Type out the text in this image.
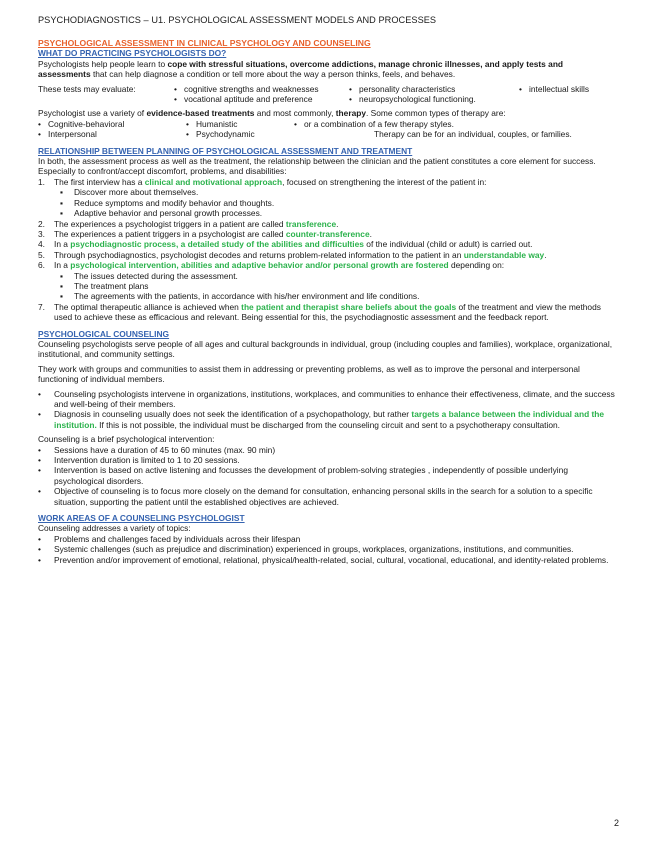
PSYCHODIAGNOSTICS – U1. PSYCHOLOGICAL ASSESSMENT MODELS AND PROCESSES
PSYCHOLOGICAL ASSESSMENT IN CLINICAL PSYCHOLOGY AND COUNSELING
WHAT DO PRACTICING PSYCHOLOGISTS DO?

Psychologists help people learn to cope with stressful situations, overcome addictions, manage chronic illnesses, and apply tests and assessments that can help diagnose a condition or tell more about the way a person thinks, feels, and behaves.

These tests may evaluate:	• cognitive strengths and weaknesses	• personality characteristics	• intellectual skills
• vocational aptitude and preference	• neuropsychological functioning.

Psychologist use a variety of evidence-based treatments and most commonly, therapy. Some common types of therapy are:

• Cognitive-behavioral	• Humanistic	• or a combination of a few therapy styles.
• Interpersonal	• Psychodynamic	Therapy can be for an individual, couples, or families.
RELATIONSHIP BETWEEN PLANNING OF PSYCHOLOGICAL ASSESSMENT AND TREATMENT

In both, the assessment process as well as the treatment, the relationship between the clinician and the patient constitutes a core element for success. Especially to confront/accept discomfort, problems, and disabilities:

1.	The first interview has a clinical and motivational approach, focused on strengthening the interest of the patient in:
▪	Discover more about themselves.
▪	Reduce symptoms and modify behavior and thoughts.
▪	Adaptive behavior and personal growth processes.
2.	The experiences a psychologist triggers in a patient are called transference.
3.	The experiences a patient triggers in a psychologist are called counter-transference.
4.	In a psychodiagnostic process, a detailed study of the abilities and difficulties of the individual (child or adult) is carried out.
5.	Through psychodiagnostics, psychologist decodes and returns problem-related information to the patient in an understandable way.
6.	In a psychological intervention, abilities and adaptive behavior and/or personal growth are fostered depending on:
▪	The issues detected during the assessment.
▪	The treatment plans
▪	The agreements with the patients, in accordance with his/her environment and life conditions.
7.	The optimal therapeutic alliance is achieved when the patient and therapist share beliefs about the goals of the treatment and view the methods used to achieve these as efficacious and relevant. Being essential for this, the psychodiagnostic assessment and the feedback report.
PSYCHOLOGICAL COUNSELING

Counseling psychologists serve people of all ages and cultural backgrounds in individual, group (including couples and families), workplace, organizational, institutional, and community settings.

They work with groups and communities to assist them in addressing or preventing problems, as well as to improve the personal and interpersonal functioning of individual members.

•	Counseling psychologists intervene in organizations, institutions, workplaces, and communities to enhance their effectiveness, climate, and the success and well-being of their members.
•	Diagnosis in counseling usually does not seek the identification of a psychopathology, but rather targets a balance between the individual and the institution. If this is not possible, the individual must be discharged from the counseling circuit and sent to a psychotherapy consultation.

Counseling is a brief psychological intervention:

•	Sessions have a duration of 45 to 60 minutes (max. 90 min)
•	Intervention duration is limited to 1 to 20 sessions.
•	Intervention is based on active listening and focusses the development of problem-solving strategies , independently of possible underlying psychological disorders.
•	Objective of counseling is to focus more closely on the demand for consultation, enhancing personal skills in the search for a solution to a specific situation, supporting the patient until the established objectives are achieved.
WORK AREAS OF A COUNSELING PSYCHOLOGIST

Counseling addresses a variety of topics:

•	Problems and challenges faced by individuals across their lifespan
•	Systemic challenges (such as prejudice and discrimination) experienced in groups, workplaces, organizations, institutions, and communities.
•	Prevention and/or improvement of emotional, relational, physical/health-related, social, cultural, vocational, educational, and identity-related problems.
2
